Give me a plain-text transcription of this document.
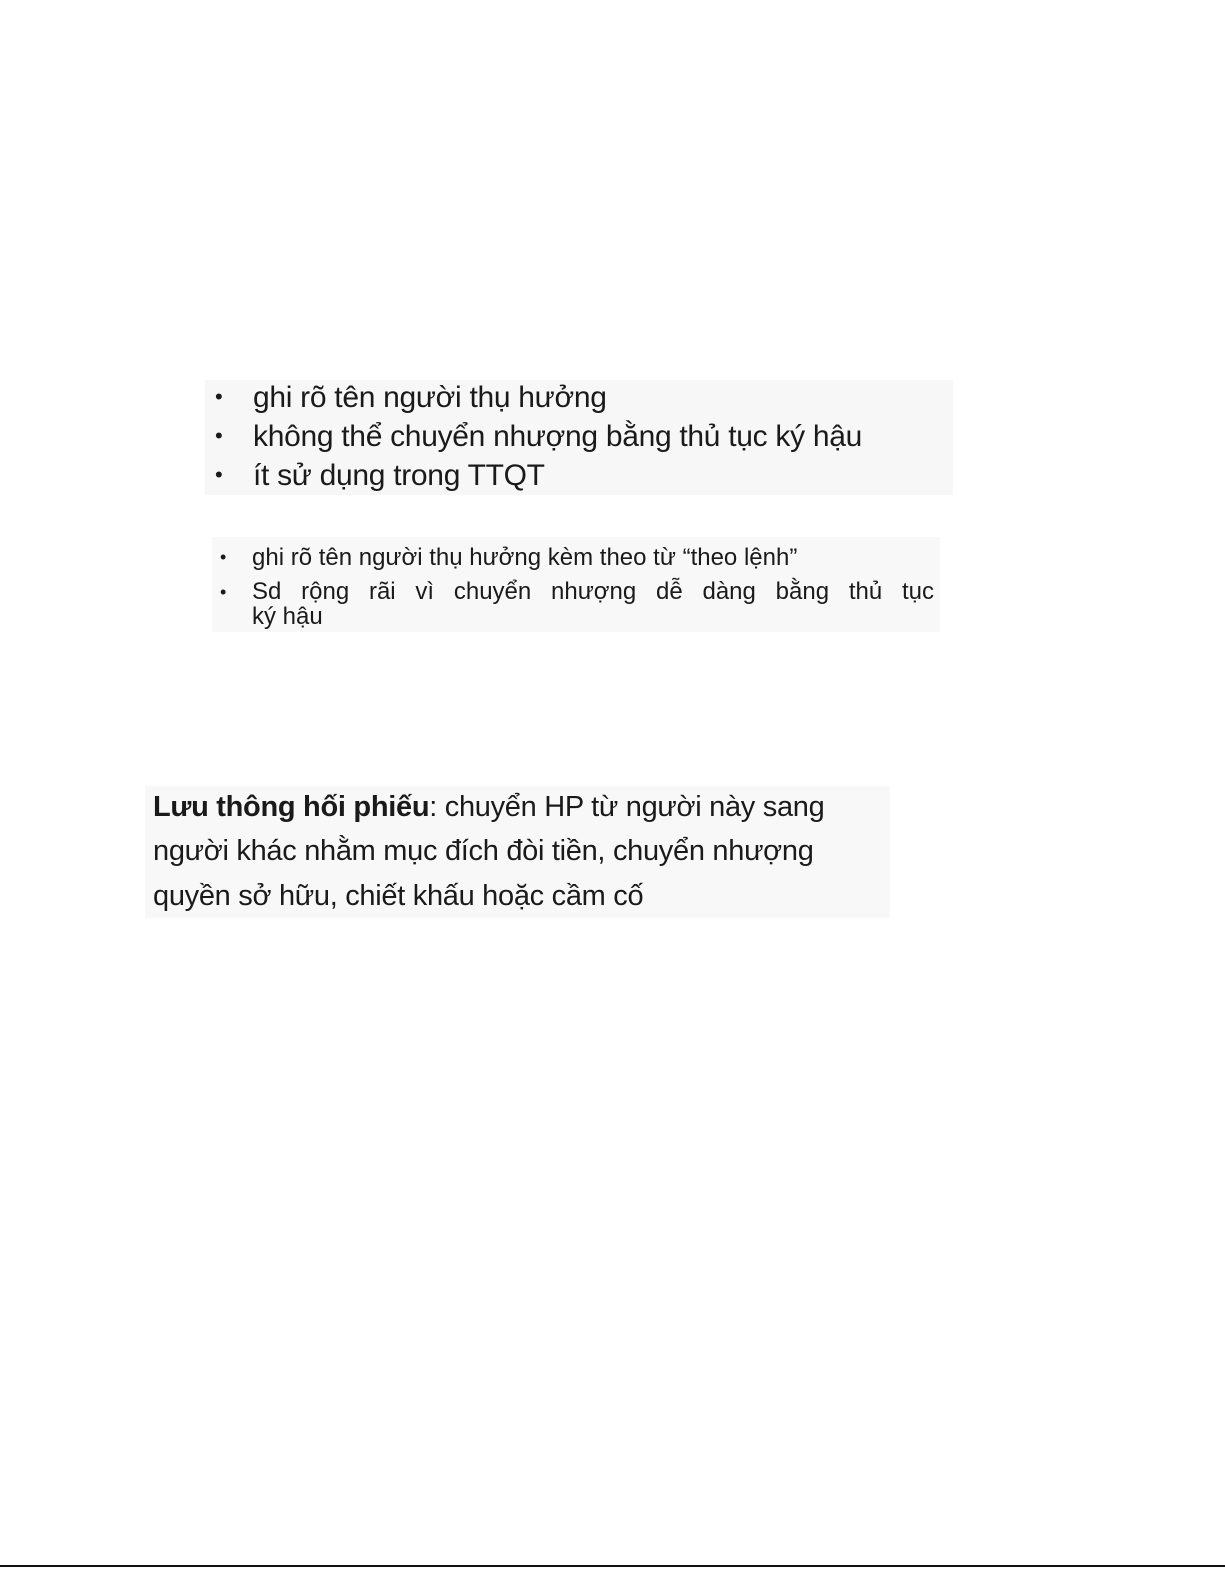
• ghi rõ tên người thụ hưởng
• không thể chuyển nhượng bằng thủ tục ký hậu
• ít sử dụng trong TTQT
• ghi rõ tên người thụ hưởng kèm theo từ “theo lệnh”
• Sd rộng rãi vì chuyển nhượng dễ dàng bằng thủ tục
ký hậu
Lưu thông hối phiếu: chuyển HP từ người này sang
người khác nhằm mục đích đòi tiền, chuyển nhượng
quyền sở hữu, chiết khấu hoặc cầm cố
